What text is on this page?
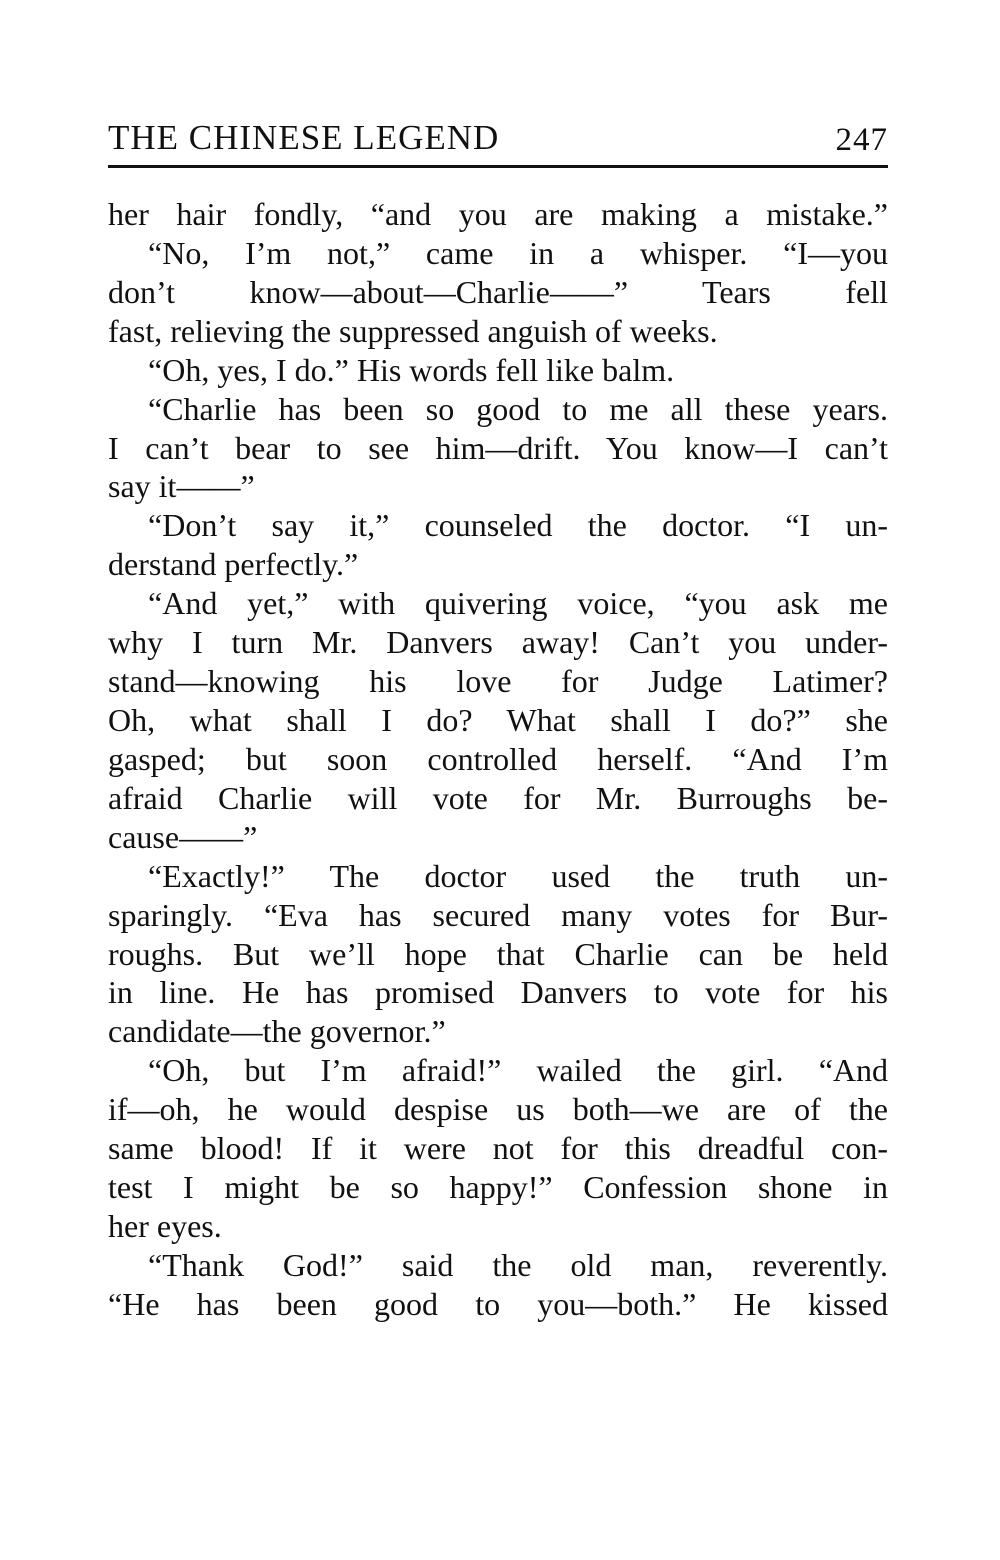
THE CHINESE LEGEND	247
her hair fondly, “and you are making a mistake.”
“No, I’m not,” came in a whisper. “I—you
don’t know—about—Charlie——” Tears fell
fast, relieving the suppressed anguish of weeks.
“Oh, yes, I do.” His words fell like balm.
“Charlie has been so good to me all these years.
I can’t bear to see him—drift. You know—I can’t
say it——”
“Don’t say it,” counseled the doctor. “I un-
derstand perfectly.”
“And yet,” with quivering voice, “you ask me
why I turn Mr. Danvers away! Can’t you under-
stand—knowing his love for Judge Latimer?
Oh, what shall I do? What shall I do?” she
gasped; but soon controlled herself. “And I’m
afraid Charlie will vote for Mr. Burroughs be-
cause——”
“Exactly!” The doctor used the truth un-
sparingly. “Eva has secured many votes for Bur-
roughs. But we’ll hope that Charlie can be held
in line. He has promised Danvers to vote for his
candidate—the governor.”
“Oh, but I’m afraid!” wailed the girl. “And
if—oh, he would despise us both—we are of the
same blood! If it were not for this dreadful con-
test I might be so happy!” Confession shone in
her eyes.
“Thank God!” said the old man, reverently.
“He has been good to you—both.” He kissed
